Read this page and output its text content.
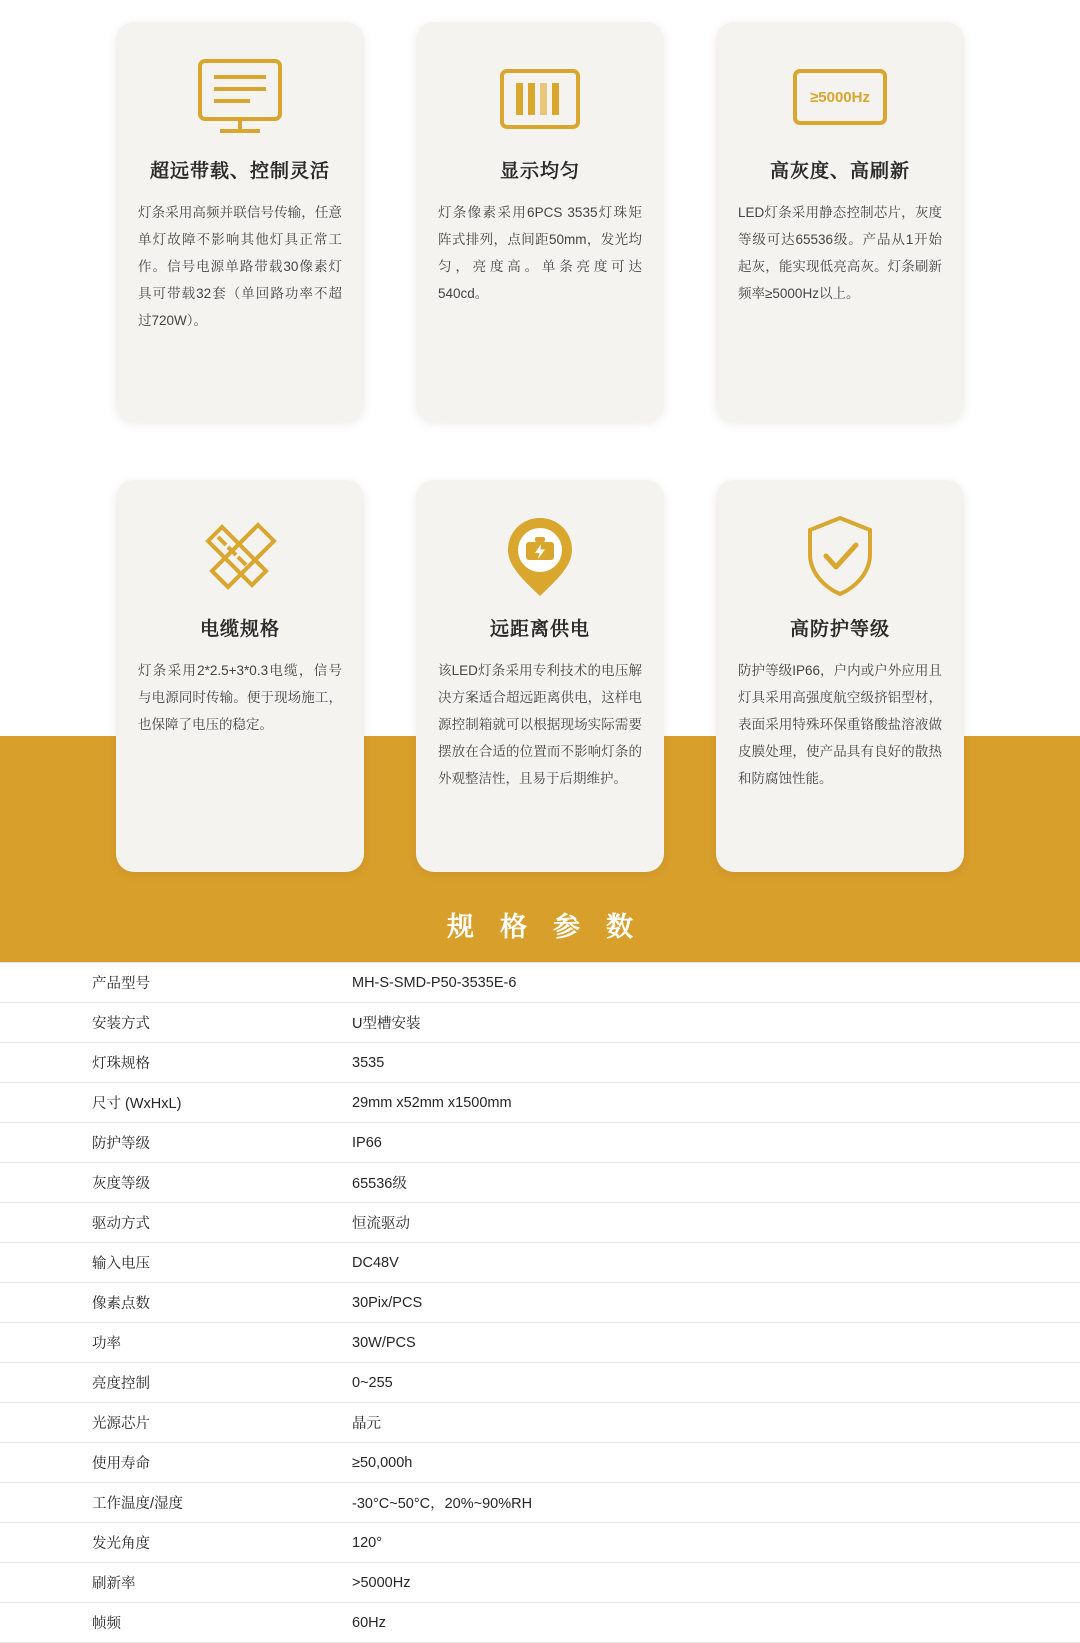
超远带载、控制灵活
灯条采用高频并联信号传输，任意单灯故障不影响其他灯具正常工作。信号电源单路带载30像素灯具可带载32套（单回路功率不超过720W）。
显示均匀
灯条像素采用6PCS 3535灯珠矩阵式排列，点间距50mm，发光均匀，亮度高。单条亮度可达540cd。
≥5000Hz
高灰度、高刷新
LED灯条采用静态控制芯片，灰度等级可达65536级。产品从1开始起灰，能实现低亮高灰。灯条刷新频率≥5000Hz以上。
电缆规格
灯条采用2*2.5+3*0.3电缆，信号与电源同时传输。便于现场施工，也保障了电压的稳定。
远距离供电
该LED灯条采用专利技术的电压解决方案适合超远距离供电，这样电源控制箱就可以根据现场实际需要摆放在合适的位置而不影响灯条的外观整洁性，且易于后期维护。
高防护等级
防护等级IP66，户内或户外应用且灯具采用高强度航空级挤铝型材，表面采用特殊环保重铬酸盐溶液做皮膜处理，使产品具有良好的散热和防腐蚀性能。
规格参数
产品型号	MH-S-SMD-P50-3535E-6
安装方式	U型槽安装
灯珠规格	3535
尺寸 (WxHxL)	29mm x52mm x1500mm
防护等级	IP66
灰度等级	65536级
驱动方式	恒流驱动
输入电压	DC48V
像素点数	30Pix/PCS
功率	30W/PCS
亮度控制	0~255
光源芯片	晶元
使用寿命	≥50,000h
工作温度/湿度	-30°C~50°C，20%~90%RH
发光角度	120°
刷新率	>5000Hz
帧频	60Hz
